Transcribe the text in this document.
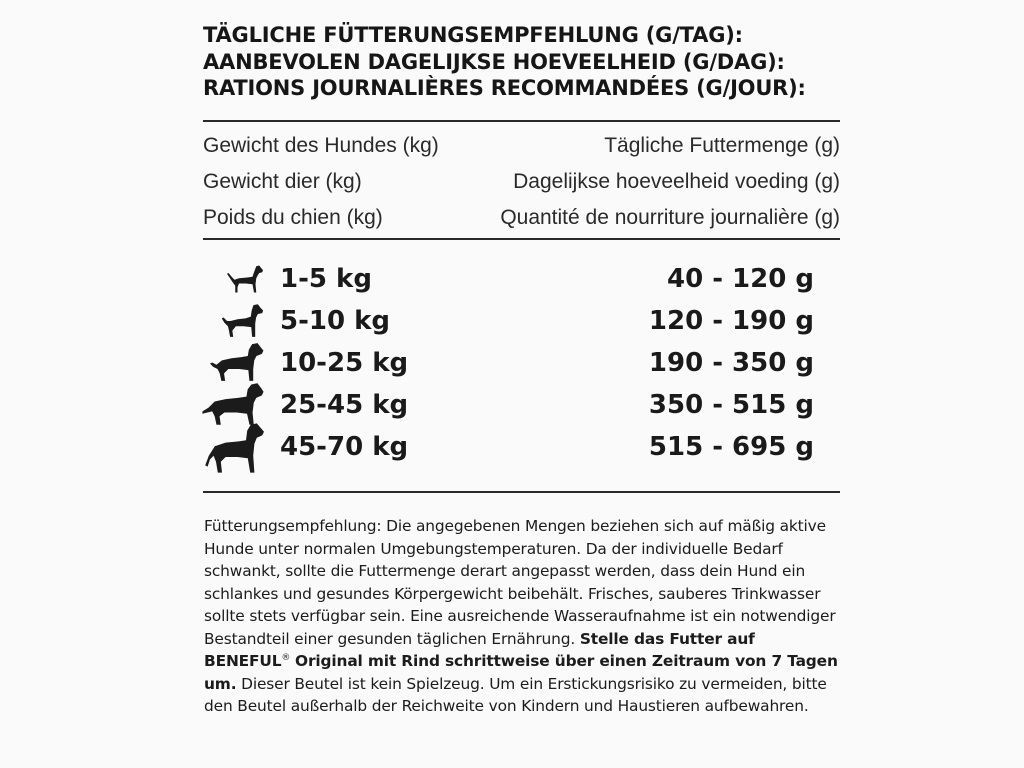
TÄGLICHE FÜTTERUNGSEMPFEHLUNG (G/TAG):
AANBEVOLEN DAGELIJKSE HOEVEELHEID (G/DAG):
RATIONS JOURNALIÈRES RECOMMANDÉES (G/JOUR):
Gewicht des Hundes (kg)	Tägliche Futtermenge (g)
Gewicht dier (kg)	Dagelijkse hoeveelheid voeding (g)
Poids du chien (kg)	Quantité de nourriture journalière (g)
1-5 kg	40 - 120 g
5-10 kg	120 - 190 g
10-25 kg	190 - 350 g
25-45 kg	350 - 515 g
45-70 kg	515 - 695 g
Fütterungsempfehlung: Die angegebenen Mengen beziehen sich auf mäßig aktive Hunde unter normalen Umgebungstemperaturen. Da der individuelle Bedarf schwankt, sollte die Futtermenge derart angepasst werden, dass dein Hund ein schlankes und gesundes Körpergewicht beibehält. Frisches, sauberes Trinkwasser sollte stets verfügbar sein. Eine ausreichende Wasseraufnahme ist ein notwendiger Bestandteil einer gesunden täglichen Ernährung. Stelle das Futter auf BENEFUL® Original mit Rind schrittweise über einen Zeitraum von 7 Tagen um. Dieser Beutel ist kein Spielzeug. Um ein Erstickungsrisiko zu vermeiden, bitte den Beutel außerhalb der Reichweite von Kindern und Haustieren aufbewahren.
